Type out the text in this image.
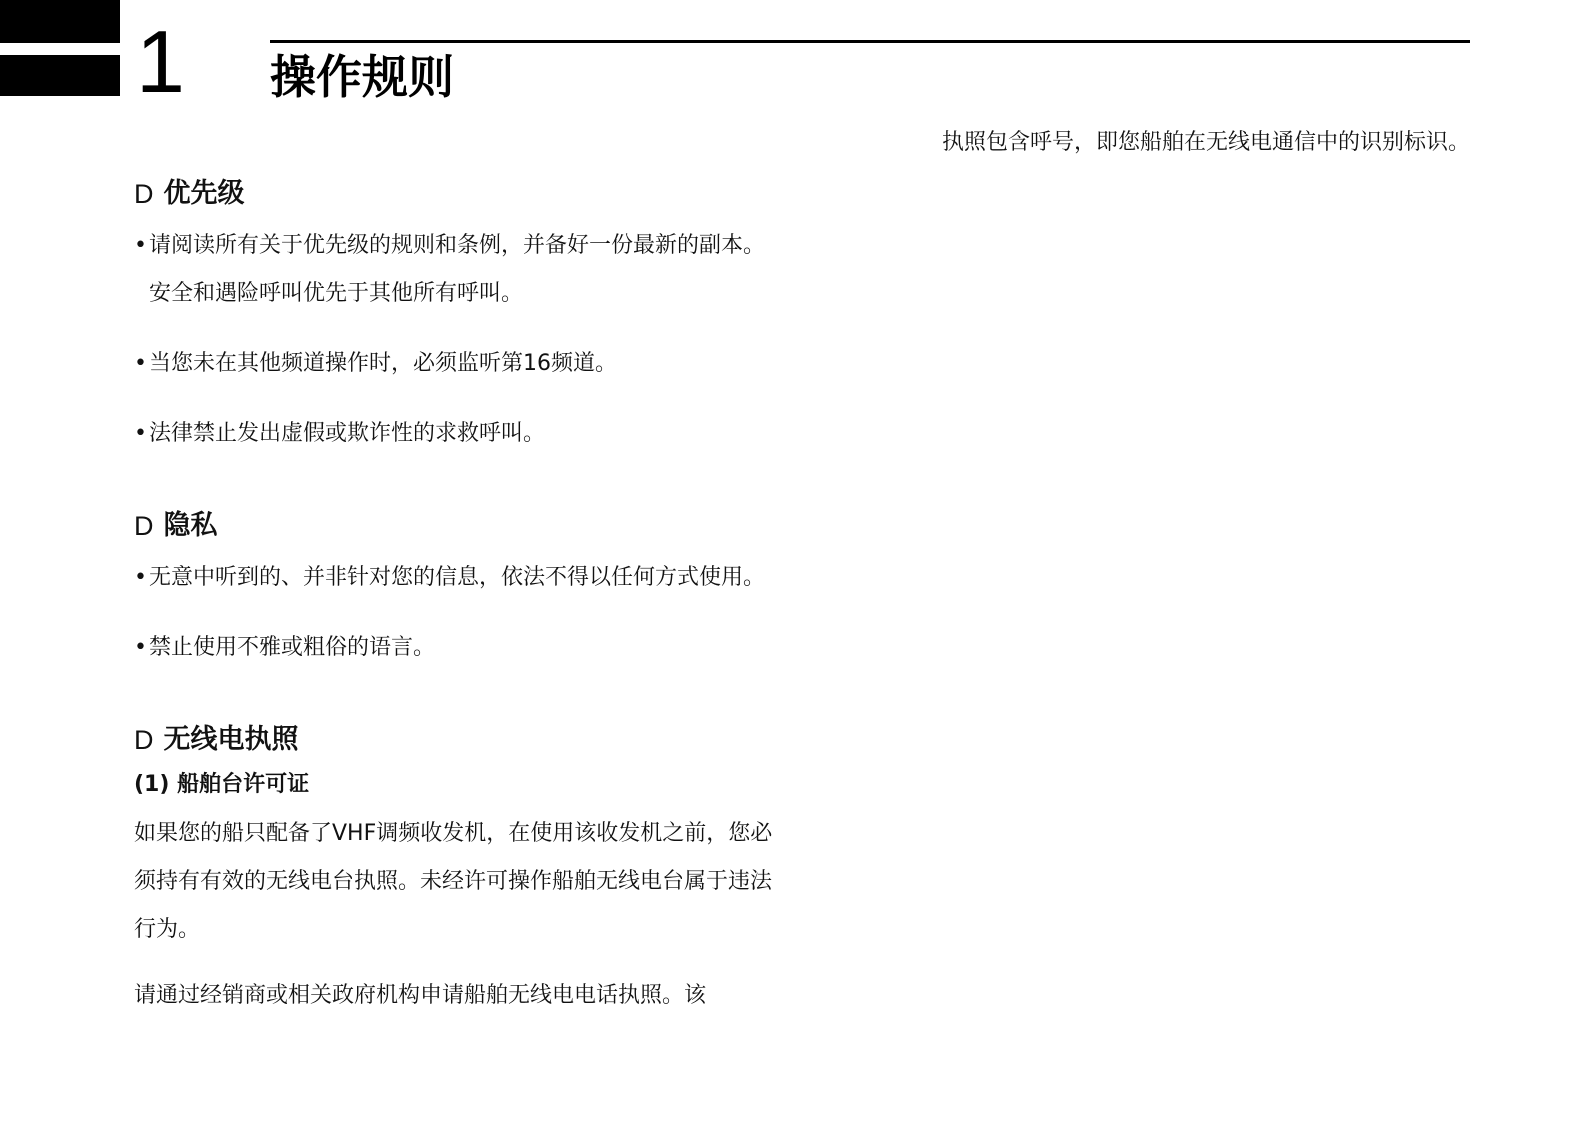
1 操作规则
D 优先级
• 请阅读所有关于优先级的规则和条例，并备好一份最新的副本。安全和遇险呼叫优先于其他所有呼叫。
• 当您未在其他频道操作时，必须监听第16频道。
• 法律禁止发出虚假或欺诈性的求救呼叫。
D 隐私
• 无意中听到的、并非针对您的信息，依法不得以任何方式使用。
• 禁止使用不雅或粗俗的语言。
D 无线电执照
(1) 船舶台许可证

如果您的船只配备了VHF调频收发机，在使用该收发机之前，您必须持有有效的无线电台执照。未经许可操作船舶无线电台属于违法行为。

请通过经销商或相关政府机构申请船舶无线电电话执照。该

执照包含呼号，即您船舶在无线电通信中的识别标识。
